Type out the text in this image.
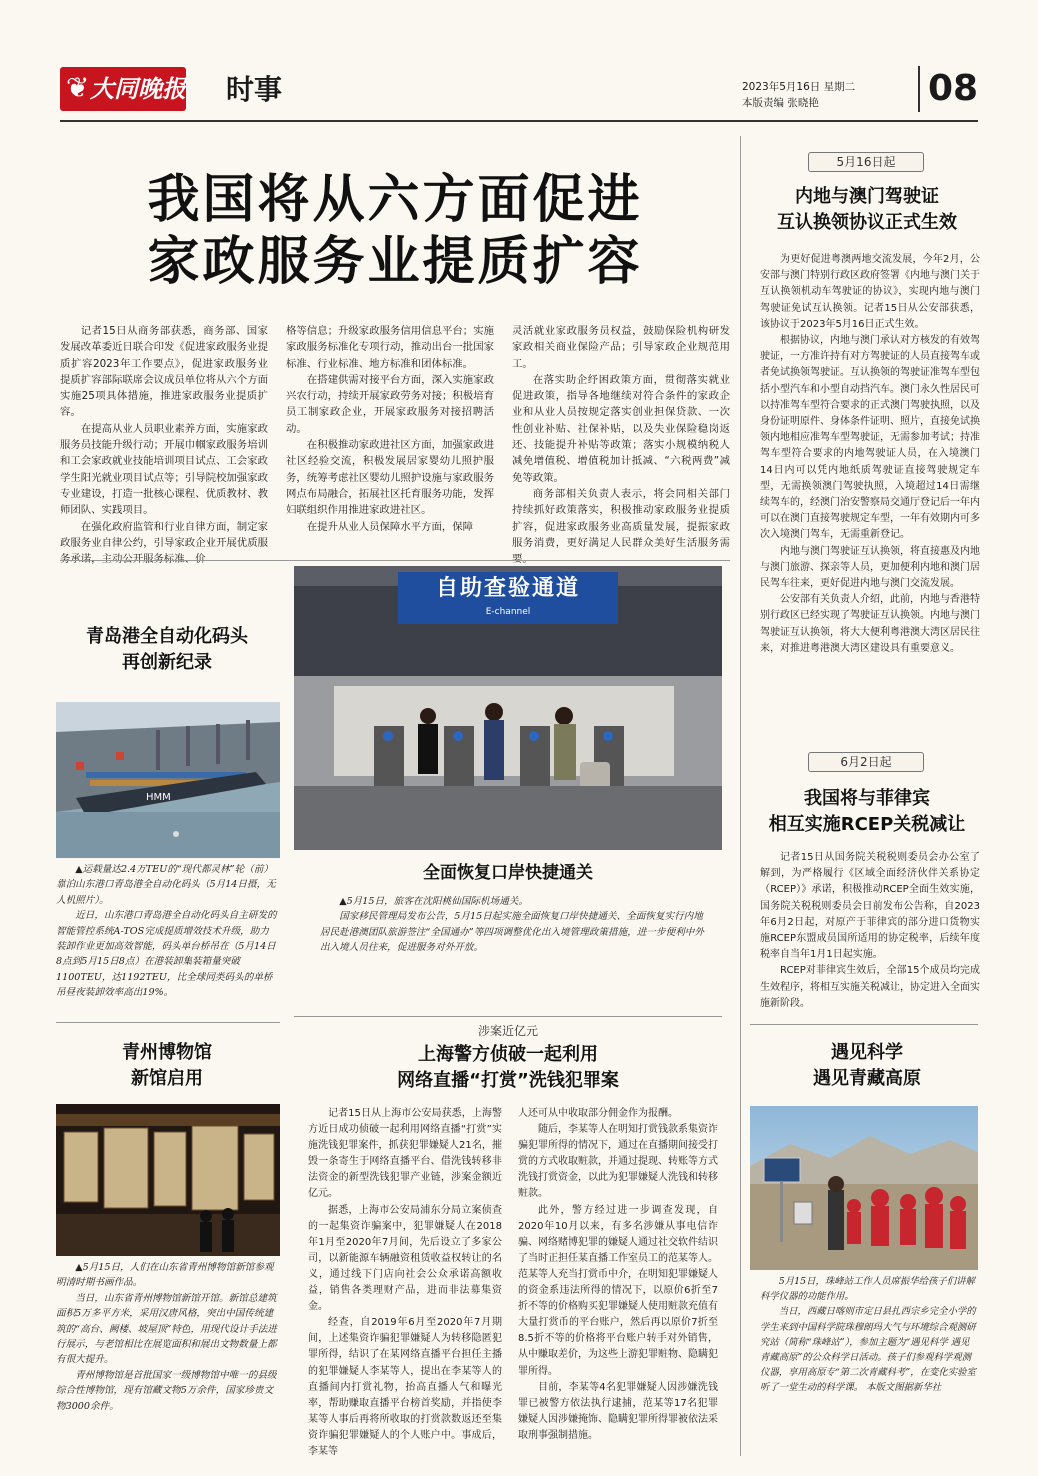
❦ 大同晚报 时事	2023年5月16日 星期二
本版责编 张晓艳	08
我国将从六方面促进
家政服务业提质扩容

记者15日从商务部获悉，商务部、国家发展改革委近日联合印发《促进家政服务业提质扩容2023年工作要点》，促进家政服务业提质扩容部际联席会议成员单位将从六个方面实施25项具体措施，推进家政服务业提质扩容。

在提高从业人员职业素养方面，实施家政服务员技能升级行动；开展巾帼家政服务培训和工会家政就业技能培训项目试点、工会家政学生阳光就业项目试点等；引导院校加强家政专业建设，打造一批核心课程、优质教材、教师团队、实践项目。

在强化政府监管和行业自律方面，制定家政服务业自律公约，引导家政企业开展优质服

格等信息；升级家政服务信用信息平台；实施家政服务标准化专项行动，推动出台一批国家标准、行业标准、地方标准和团体标准。

在搭建供需对接平台方面，深入实施家政兴农行动，持续开展家政劳务对接；积极培育员工制家政企业，开展家政服务对接招聘活动。

在积极推动家政进社区方面，加强家政进社区经验交流，积极发展居家婴幼儿照护服务，统筹考虑社区婴幼儿照护设施与家政服务网点布局融合，拓展社区托育服务功能，发挥妇联组织作用推进家政进社区。

在提升从业人员保障水平方面，保障

灵活就业家政服务员权益，鼓励保险机构研发家政相关商业保险产品；引导家政企业规范用工。

在落实助企纾困政策方面，贯彻落实就业促进政策，指导各地继续对符合条件的家政企业和从业人员按规定落实创业担保贷款、一次性创业补贴、社保补贴，以及失业保险稳岗返还、技能提升补贴等政策；落实小规模纳税人减免增值税、增值税加计抵减、“六税两费”减免等政策。

商务部相关负责人表示，将会同相关部门持续抓好政策落实，积极推动家政服务业提质扩容，促进家政服务业高质量发展，提振家政服务消费，更好满足人民群众美好生活服务需

5月16日起
内地与澳门驾驶证
互认换领协议正式生效

为更好促进粤澳两地交流发展，今年2月，公安部与澳门特别行政区政府签署《内地与澳门关于互认换领机动车驾驶证的协议》，实现内地与澳门驾驶证免试互认换领。记者15日从公安部获悉，该协议于2023年5月16日正式生效。

根据协议，内地与澳门承认对方核发的有效驾驶证，一方准许持有对方驾驶证的人员直接驾车或者免试换领驾驶证。互认换领的驾驶证准驾车型包括小型汽车和小型自动挡汽车。澳门永久性居民可以持准驾车型符合要求的正式澳门驾驶执照，以及身份证明原件、身体条件证明、照片，直接免试换领内地相应准驾车型驾驶证，无需参加考试；持准驾车型符合要求的内地驾驶证人员，在入境澳门14日内可以凭内地纸质驾驶证直接驾驶规定车型，无需换领澳门驾驶执照，入境超过14日需继续驾车的，经澳门治安警察局交通厅登记后一年内可以在澳门直接驾驶规定车型，一年有效期内可多次入境澳门驾车，无需重新登记。

内地与澳门驾驶证互认换领，将直接惠及内地与澳门旅游、探亲等人员，更加便利内地和澳门居民驾车往来，更好促进内地与澳门交流发展。

公安部有关负责人介绍，此前，内地与香港特别行政区已经实现了驾驶证互认换领。内地与澳门驾驶证互认换领，将大大便利粤港澳大湾区居民往来，对推进粤港澳大湾区建设具有重要意义。

6月2日起
我国将与菲律宾
相互实施RCEP关税减让

记者15日从国务院关税税则委员会办公室了解到，为严格履行《区域全面经济伙伴关系协定（RCEP）》承诺，积极推动RCEP全面生效实施，国务院关税税则委员会日前发布公告称，自2023年6月2日起，对原产于菲律宾的部分进口货物实施RCEP东盟成员国所适用的协定税率，后续年度税率自当年1月1日起实施。

RCEP对菲律宾生效后，全部15个成员均完成生效程序，将相互实施关税减让，协定进入全面实施新阶段。

遇见科学
遇见青藏高原

5月15日，珠峰站工作人员席振华给孩子们讲解科学仪器的功能作用。

当日，西藏日喀则市定日县扎西宗乡完全小学的学生来到中国科学院珠穆朗玛大气与环境综合观测研究站（简称“珠峰站”），参加主题为“遇见科学 遇见青藏高原”的公众科学日活动。孩子们参观科学观测仪器，享用高原专“第二次青藏科考”，在变化实验室听了一堂生动的科学课。 本版文图据新华社

青岛港全自动化码头
再创新纪录
HMM

▲运载量达2.4万TEU的“现代都灵林”轮（前）靠泊山东港口青岛港全自动化码头（5月14日摄，无人机照片）。

近日，山东港口青岛港全自动化码头自主研发的智能管控系统A-TOS完成提质增效技术升级，助力装卸作业更加高效智能，码头单台桥吊在（5月14日8点到5月15日8点）在港装卸集装箱量突破1100TEU，达1192TEU，比全球同类码头的单桥吊昼夜装卸效率高出19%。

青州博物馆
新馆启用

▲5月15日，人们在山东省青州博物馆新馆参观明清时期书画作品。

当日，山东省青州博物馆新馆开馆。新馆总建筑面积5万多平方米，采用汉唐风格，突出中国传统建筑的“高台、阙楼、坡屋顶”特色，用现代设计手法进行展示，与老馆相比在展览面积和展出文物数量上都有很大提升。

青州博物馆是首批国家一级博物馆中唯一的县级综合性博物馆，现有馆藏文物5万余件，国家珍贵文物3000余件。

自助查验通道
E-channel
全面恢复口岸快捷通关

▲5月15日，旅客在沈阳桃仙国际机场通关。

国家移民管理局发布公告，5月15日起实施全面恢复口岸快捷通关、全面恢复实行内地居民赴港澳团队旅游签注“全国通办”等四项调整优化出入境管理政策措施，进一步便利中外出入境人员往来，促进服务对外开放。

涉案近亿元
上海警方侦破一起利用
网络直播“打赏”洗钱犯罪案

记者15日从上海市公安局获悉，上海警方近日成功侦破一起利用网络直播“打赏”实施洗钱犯罪案件，抓获犯罪嫌疑人21名，摧毁一条寄生于网络直播平台、借洗钱转移非法资金的新型洗钱犯罪产业链，涉案金额近亿元。

据悉，上海市公安局浦东分局立案侦查的一起集资诈骗案中，犯罪嫌疑人在2018年1月至2020年7月间，先后设立了多家公司，以新能源车辆融资租赁收益权转让的名义，通过线下门店向社会公众承诺高额收益，销售各类理财产品，进而非法募集资金。

经查，自2019年6月至2020年7月期间，上述集资诈骗犯罪嫌疑人为转移隐匿犯罪所得，结识了在某网络直播平台担任主播的犯罪嫌疑人李某等人，提出在李某等人的直播间内打赏礼物，抬高直播人气和曝光率，帮助赚取直播平台榜首奖励，并指使李某等人事后再将所收取的打赏款数返还至集资诈骗犯罪嫌疑人的个人账户中。事成后，李某等

人还可从中收取部分佣金作为报酬。

随后，李某等人在明知打赏钱款系集资诈骗犯罪所得的情况下，通过在直播期间接受打赏的方式收取赃款，并通过提现、转账等方式洗钱打赏资金，以此为犯罪嫌疑人洗钱和转移赃款。

此外，警方经过进一步调查发现，自2020年10月以来，有多名涉嫌从事电信诈骗、网络赌博犯罪的嫌疑人通过社交软件结识了当时正担任某直播工作室员工的范某等人。范某等人充当打赏币中介，在明知犯罪嫌疑人的资金系违法所得的情况下，以原价6折至7折不等的价格购买犯罪嫌疑人使用赃款充值有大量打赏币的平台账户，然后再以原价7折至8.5折不等的价格将平台账户转手对外销售，从中赚取差价，为这些上游犯罪赃物、隐瞒犯罪所得。

目前，李某等4名犯罪嫌疑人因涉嫌洗钱罪已被警方依法执行逮捕，范某等17名犯罪嫌疑人因涉嫌掩饰、隐瞒犯罪所得罪被依法采取刑事强制措施。
